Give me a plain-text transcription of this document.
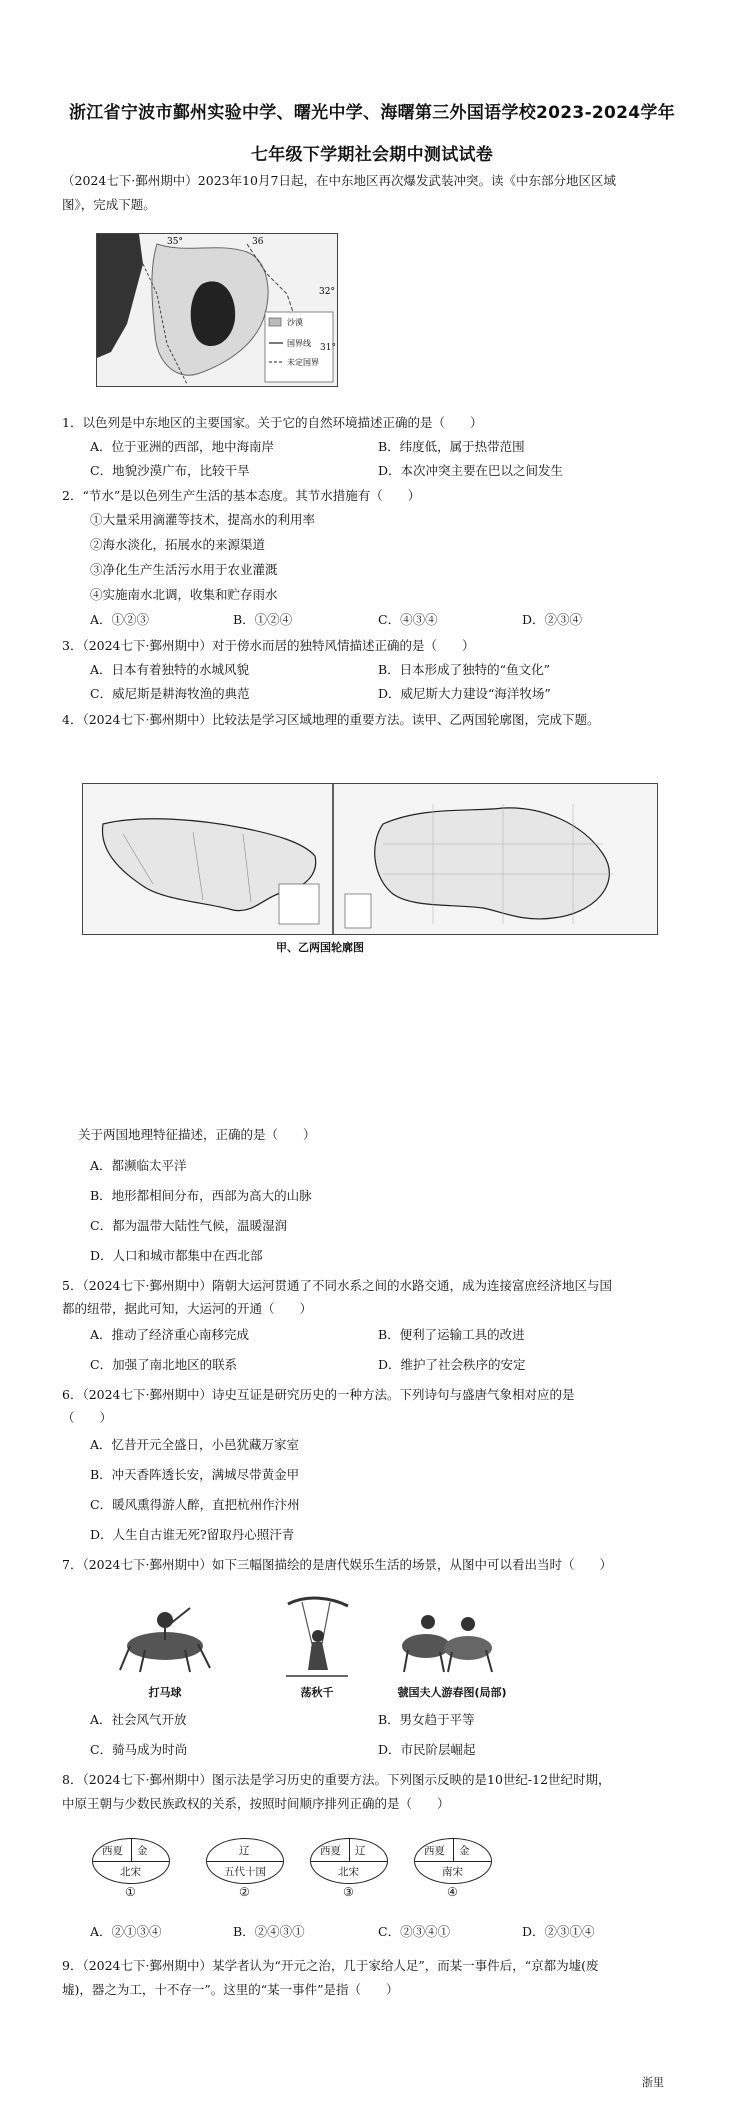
浙江省宁波市鄞州实验中学、曙光中学、海曙第三外国语学校2023-2024学年
七年级下学期社会期中测试试卷
（2024七下·鄞州期中）2023年10月7日起，在中东地区再次爆发武装冲突。读《中东部分地区区域
图》，完成下题。
沙漠
国界线
未定国界
35°	36
32°
31°
1．以色列是中东地区的主要国家。关于它的自然环境描述正确的是（　　）
A．位于亚洲的西部，地中海南岸	B．纬度低，属于热带范围
C．地貌沙漠广布，比较干旱	D．本次冲突主要在巴以之间发生
2．“节水”是以色列生产生活的基本态度。其节水措施有（　　）
①大量采用滴灌等技术，提高水的利用率
②海水淡化，拓展水的来源渠道
③净化生产生活污水用于农业灌溉
④实施南水北调，收集和贮存雨水
A．①②③	B．①②④	C．④③④	D．②③④
3．（2024七下·鄞州期中）对于傍水而居的独特风情描述正确的是（　　）
A．日本有着独特的水城风貌	B．日本形成了独特的“鱼文化”
C．威尼斯是耕海牧渔的典范	D．威尼斯大力建设“海洋牧场”
4．（2024七下·鄞州期中）比较法是学习区域地理的重要方法。读甲、乙两国轮廓图，完成下题。
甲、乙两国轮廓图
关于两国地理特征描述，正确的是（　　）
A．都濒临太平洋
B．地形都相间分布，西部为高大的山脉
C．都为温带大陆性气候，温暖湿润
D．人口和城市都集中在西北部
5．（2024七下·鄞州期中）隋朝大运河贯通了不同水系之间的水路交通，成为连接富庶经济地区与国
都的纽带，据此可知，大运河的开通（　　）
A．推动了经济重心南移完成	B．便利了运输工具的改进
C．加强了南北地区的联系	D．维护了社会秩序的安定
6．（2024七下·鄞州期中）诗史互证是研究历史的一种方法。下列诗句与盛唐气象相对应的是
（　　）
A．忆昔开元全盛日，小邑犹藏万家室
B．冲天香阵透长安，满城尽带黄金甲
C．暖风熏得游人醉，直把杭州作汴州
D．人生自古谁无死?留取丹心照汗青
7．（2024七下·鄞州期中）如下三幅图描绘的是唐代娱乐生活的场景，从图中可以看出当时（　　）
打马球	荡秋千	虢国夫人游春图(局部)
A．社会风气开放	B．男女趋于平等
C．骑马成为时尚	D．市民阶层崛起
8．（2024七下·鄞州期中）图示法是学习历史的重要方法。下列图示反映的是10世纪-12世纪时期，
中原王朝与少数民族政权的关系，按照时间顺序排列正确的是（　　）
西夏 金
北宋
①
辽
五代十国
②
西夏 辽
北宋
③
西夏 金
南宋
④
A．②①③④	B．②④③①	C．②③④①	D．②③①④
9．（2024七下·鄞州期中）某学者认为“开元之治，几于家给人足”，而某一事件后，“京都为墟(废
墟)，器之为工，十不存一”。这里的“某一事件”是指（　　）
浙里
